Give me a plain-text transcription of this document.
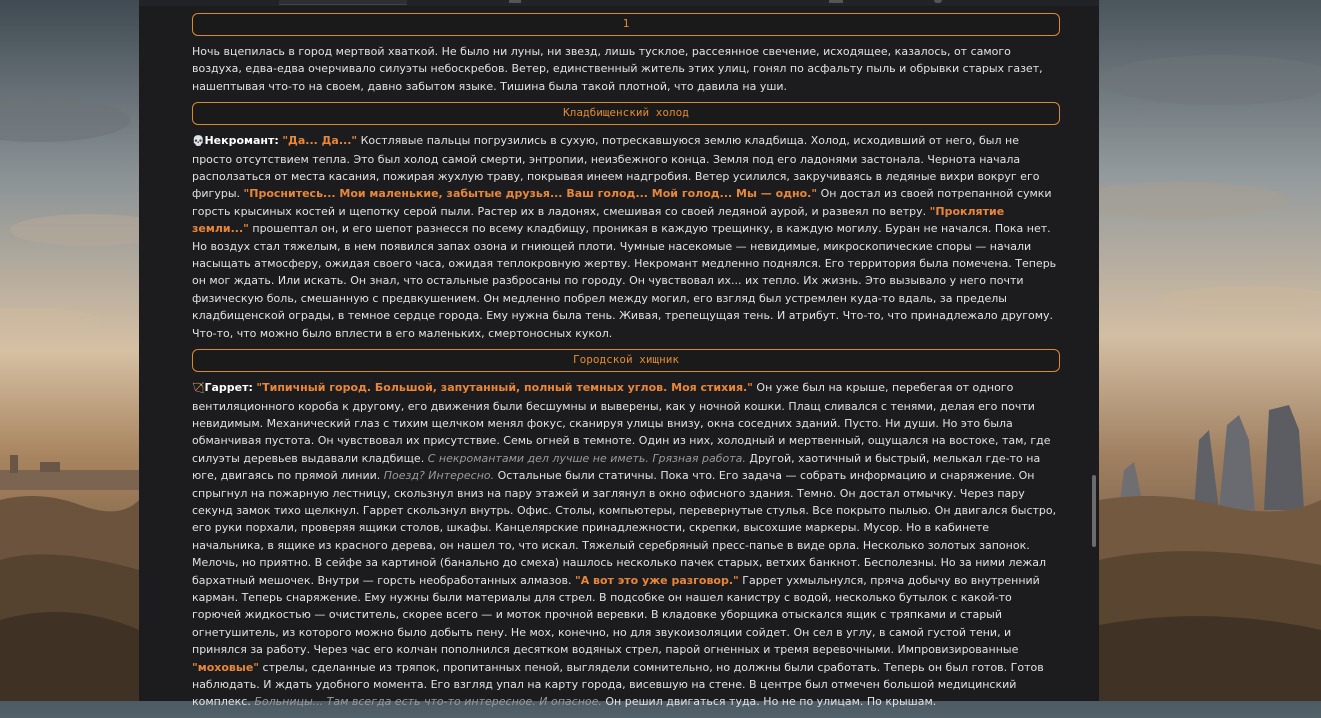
1
Ночь вцепилась в город мертвой хваткой. Не было ни луны, ни звезд, лишь тусклое, рассеянное свечение, исходящее, казалось, от самого воздуха, едва-едва очерчивало силуэты небоскребов. Ветер, единственный житель этих улиц, гонял по асфальту пыль и обрывки старых газет, нашептывая что-то на своем, давно забытом языке. Тишина была такой плотной, что давила на уши.
Кладбищенский холод
💀Некромант: "Да... Да..." Костлявые пальцы погрузились в сухую, потрескавшуюся землю кладбища. Холод, исходивший от него, был не просто отсутствием тепла. Это был холод самой смерти, энтропии, неизбежного конца. Земля под его ладонями застонала. Чернота начала расползаться от места касания, пожирая жухлую траву, покрывая инеем надгробия. Ветер усилился, закручиваясь в ледяные вихри вокруг его фигуры. "Проснитесь... Мои маленькие, забытые друзья... Ваш голод... Мой голод... Мы — одно." Он достал из своей потрепанной сумки горсть крысиных костей и щепотку серой пыли. Растер их в ладонях, смешивая со своей ледяной аурой, и развеял по ветру. "Проклятие земли..." прошептал он, и его шепот разнесся по всему кладбищу, проникая в каждую трещинку, в каждую могилу. Буран не начался. Пока нет. Но воздух стал тяжелым, в нем появился запах озона и гниющей плоти. Чумные насекомые — невидимые, микроскопические споры — начали насыщать атмосферу, ожидая своего часа, ожидая теплокровную жертву. Некромант медленно поднялся. Его территория была помечена. Теперь он мог ждать. Или искать. Он знал, что остальные разбросаны по городу. Он чувствовал их... их тепло. Их жизнь. Это вызывало у него почти физическую боль, смешанную с предвкушением. Он медленно побрел между могил, его взгляд был устремлен куда-то вдаль, за пределы кладбищенской ограды, в темное сердце города. Ему нужна была тень. Живая, трепещущая тень. И атрибут. Что-то, что принадлежало другому. Что-то, что можно было вплести в его маленьких, смертоносных кукол.
Городской хищник
🏹Гаррет: "Типичный город. Большой, запутанный, полный темных углов. Моя стихия." Он уже был на крыше, перебегая от одного вентиляционного короба к другому, его движения были бесшумны и выверены, как у ночной кошки. Плащ сливался с тенями, делая его почти невидимым. Механический глаз с тихим щелчком менял фокус, сканируя улицы внизу, окна соседних зданий. Пусто. Ни души. Но это была обманчивая пустота. Он чувствовал их присутствие. Семь огней в темноте. Один из них, холодный и мертвенный, ощущался на востоке, там, где силуэты деревьев выдавали кладбище. С некромантами дел лучше не иметь. Грязная работа. Другой, хаотичный и быстрый, мелькал где-то на юге, двигаясь по прямой линии. Поезд? Интересно. Остальные были статичны. Пока что. Его задача — собрать информацию и снаряжение. Он спрыгнул на пожарную лестницу, скользнул вниз на пару этажей и заглянул в окно офисного здания. Темно. Он достал отмычку. Через пару секунд замок тихо щелкнул. Гаррет скользнул внутрь. Офис. Столы, компьютеры, перевернутые стулья. Все покрыто пылью. Он двигался быстро, его руки порхали, проверяя ящики столов, шкафы. Канцелярские принадлежности, скрепки, высохшие маркеры. Мусор. Но в кабинете начальника, в ящике из красного дерева, он нашел то, что искал. Тяжелый серебряный пресс-папье в виде орла. Несколько золотых запонок. Мелочь, но приятно. В сейфе за картиной (банально до смеха) нашлось несколько пачек старых, ветхих банкнот. Бесполезны. Но за ними лежал бархатный мешочек. Внутри — горсть необработанных алмазов. "А вот это уже разговор." Гаррет ухмыльнулся, пряча добычу во внутренний карман. Теперь снаряжение. Ему нужны были материалы для стрел. В подсобке он нашел канистру с водой, несколько бутылок с какой-то горючей жидкостью — очиститель, скорее всего — и моток прочной веревки. В кладовке уборщика отыскался ящик с тряпками и старый огнетушитель, из которого можно было добыть пену. Не мох, конечно, но для звукоизоляции сойдет. Он сел в углу, в самой густой тени, и принялся за работу. Через час его колчан пополнился десятком водяных стрел, парой огненных и тремя веревочными. Импровизированные "моховые" стрелы, сделанные из тряпок, пропитанных пеной, выглядели сомнительно, но должны были сработать. Теперь он был готов. Готов наблюдать. И ждать удобного момента. Его взгляд упал на карту города, висевшую на стене. В центре был отмечен большой медицинский комплекс. Больницы... Там всегда есть что-то интересное. И опасное. Он решил двигаться туда. Но не по улицам. По крышам.
